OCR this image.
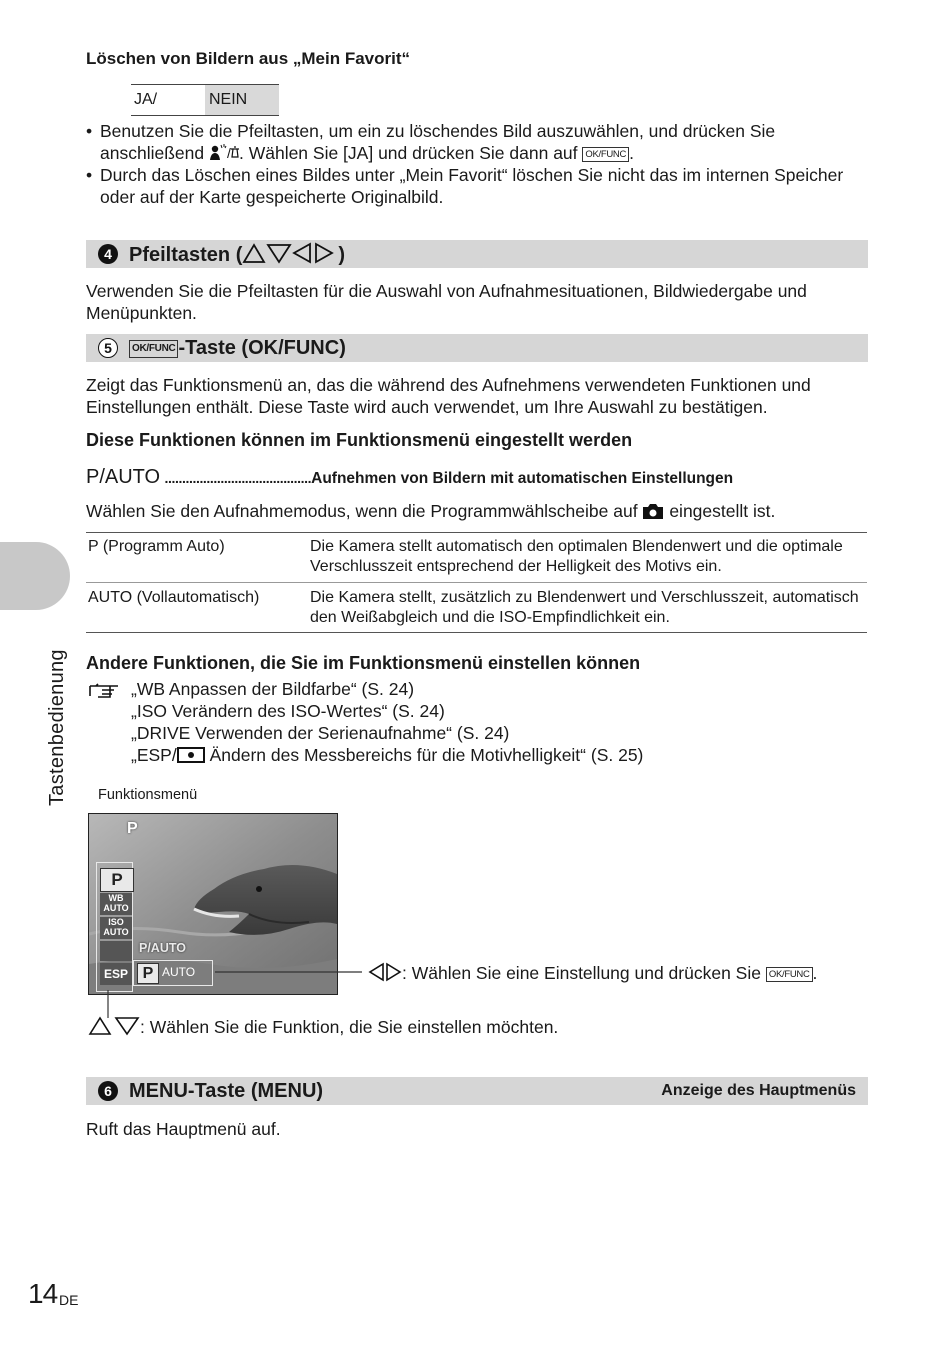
Löschen von Bildern aus „Mein Favorit“
JA/	NEIN
• Benutzen Sie die Pfeiltasten, um ein zu löschendes Bild auszuwählen, und drücken Sie
anschließend / . Wählen Sie [JA] und drücken Sie dann auf OK/FUNC .
• Durch das Löschen eines Bildes unter „Mein Favorit“ löschen Sie nicht das im internen Speicher oder auf der Karte gespeicherte Originalbild.
4 Pfeiltasten (	)
Verwenden Sie die Pfeiltasten für die Auswahl von Aufnahmesituationen, Bildwiedergabe und Menüpunkten.
5	OK/FUNC -Taste (OK/FUNC)
Zeigt das Funktionsmenü an, das die während des Aufnehmens verwendeten Funktionen und Einstellungen enthält. Diese Taste wird auch verwendet, um Ihre Auswahl zu bestätigen.
Diese Funktionen können im Funktionsmenü eingestellt werden
P/AUTO ..........................................Aufnehmen von Bildern mit automatischen Einstellungen
Wählen Sie den Aufnahmemodus, wenn die Programmwählscheibe auf eingestellt ist.
P (Programm Auto)	Die Kamera stellt automatisch den optimalen Blendenwert und die optimale Verschlusszeit entsprechend der Helligkeit des Motivs ein.
AUTO (Vollautomatisch)	Die Kamera stellt, zusätzlich zu Blendenwert und Verschlusszeit, automatisch den Weißabgleich und die ISO-Empfindlichkeit ein.
Andere Funktionen, die Sie im Funktionsmenü einstellen können
„WB Anpassen der Bildfarbe“ (S. 24)
„ISO Verändern des ISO-Wertes“ (S. 24)
„DRIVE Verwenden der Serienaufnahme“ (S. 24)
„ESP/ Ändern des Messbereichs für die Motivhelligkeit“ (S. 25)
Funktionsmenü
P
P
WB
AUTO
ISO
AUTO

ESP
P/AUTO
P AUTO	: Wählen Sie eine Einstellung und drücken Sie OK/FUNC .
: Wählen Sie die Funktion, die Sie einstellen möchten.
6 MENU-Taste (MENU)	Anzeige des Hauptmenüs
Ruft das Hauptmenü auf.
Tastenbedienung
14 DE
